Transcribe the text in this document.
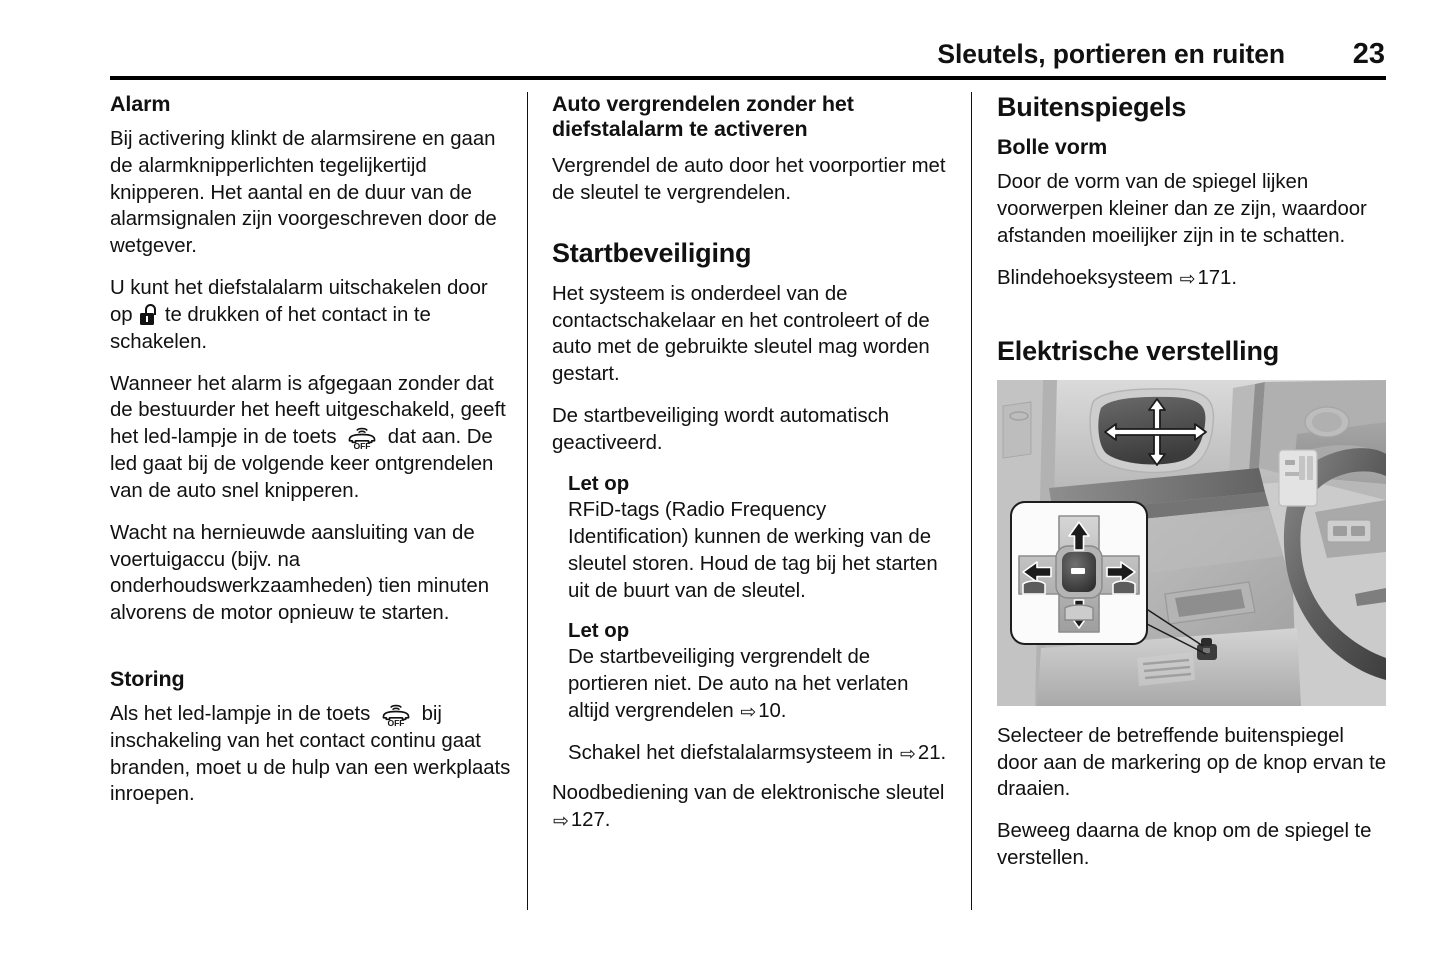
Sleutels, portieren en ruiten	23
Alarm

Bij activering klinkt de alarmsirene en gaan de alarmknipperlichten tegelijkertijd knipperen. Het aantal en de duur van de alarmsignalen zijn voorgeschreven door de wetgever.

U kunt het diefstalalarm uitschakelen door op te drukken of het contact in te schakelen.

Wanneer het alarm is afgegaan zonder dat de bestuurder het heeft uitgeschakeld, geeft het led-lampje in de toets OFF dat aan. De led gaat bij de volgende keer ontgrendelen van de auto snel knipperen.

Wacht na hernieuwde aansluiting van de voertuigaccu (bijv. na onderhoudswerkzaamheden) tien minuten alvorens de motor opnieuw te starten.

Storing

Als het led-lampje in de toets OFF bij inschakeling van het contact continu gaat branden, moet u de hulp van een werkplaats inroepen.

Auto vergrendelen zonder het diefstalalarm te activeren

Vergrendel de auto door het voorportier met de sleutel te vergrendelen.

Startbeveiliging

Het systeem is onderdeel van de contactschakelaar en het controleert of de auto met de gebruikte sleutel mag worden gestart.

De startbeveiliging wordt automatisch geactiveerd.

Let op

RFiD-tags (Radio Frequency Identification) kunnen de werking van de sleutel storen. Houd de tag bij het starten uit de buurt van de sleutel.

Let op

De startbeveiliging vergrendelt de portieren niet. De auto na het verlaten altijd vergrendelen ⇨10.

Schakel het diefstalalarmsysteem in ⇨21.

Noodbediening van de elektronische sleutel ⇨127.

Buitenspiegels
Bolle vorm

Door de vorm van de spiegel lijken voorwerpen kleiner dan ze zijn, waardoor afstanden moeilijker zijn in te schatten.

Blindehoeksysteem ⇨171.

Elektrische verstelling

Selecteer de betreffende buitenspiegel door aan de markering op de knop ervan te draaien.

Beweeg daarna de knop om de spiegel te verstellen.
